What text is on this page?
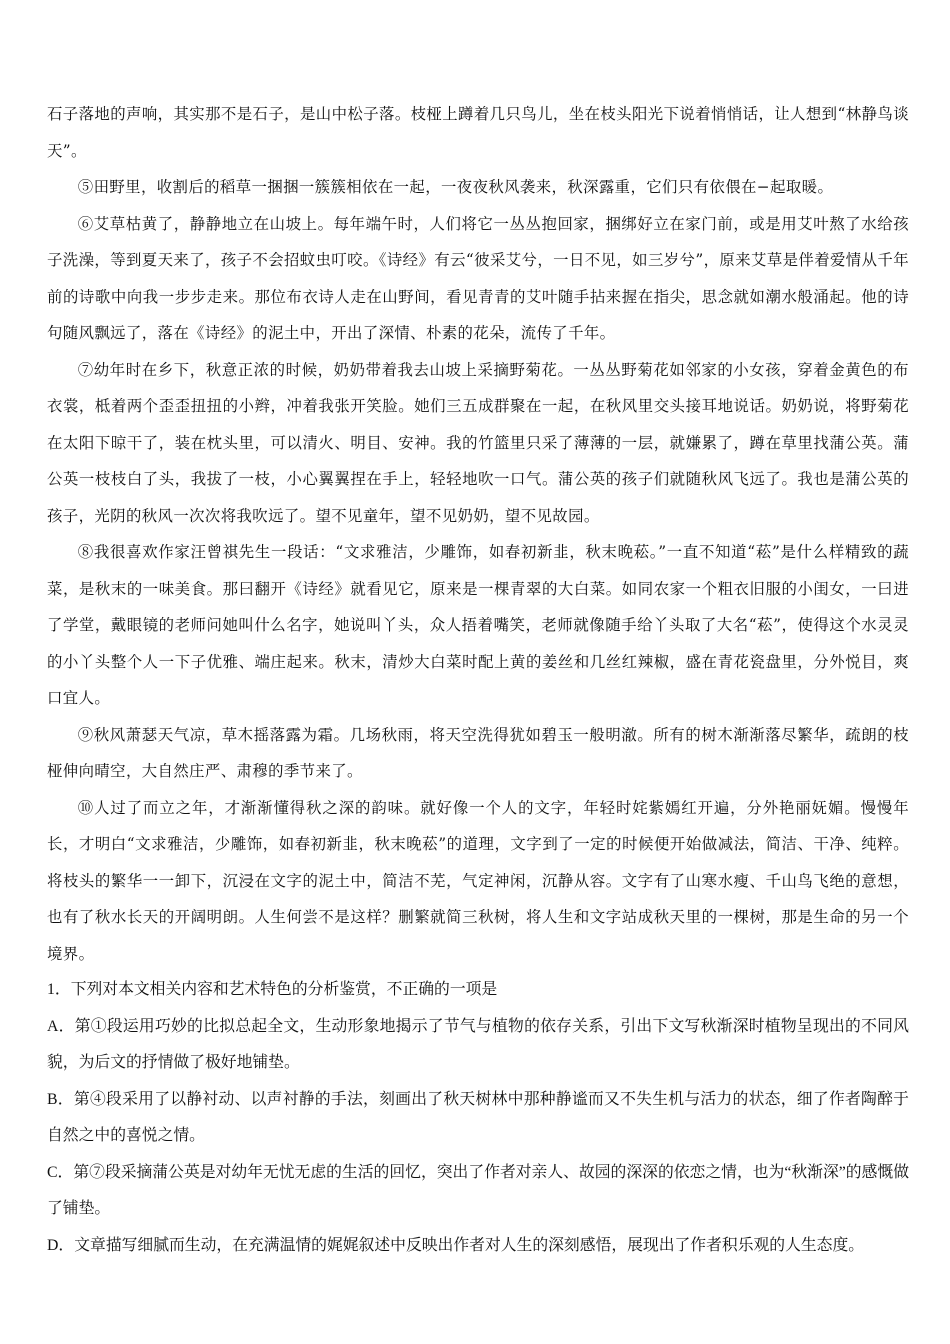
石子落地的声响，其实那不是石子，是山中松子落。枝桠上蹲着几只鸟儿，坐在枝头阳光下说着悄悄话，让人想到“林静鸟谈天”。

⑤田野里，收割后的稻草一捆捆一簇簇相依在一起，一夜夜秋风袭来，秋深露重，它们只有依偎在−起取暖。

⑥艾草枯黄了，静静地立在山坡上。每年端午时，人们将它一丛丛抱回家，捆绑好立在家门前，或是用艾叶熬了水给孩子洗澡，等到夏天来了，孩子不会招蚊虫叮咬。《诗经》有云“彼采艾兮，一日不见，如三岁兮”，原来艾草是伴着爱情从千年前的诗歌中向我一步步走来。那位布衣诗人走在山野间，看见青青的艾叶随手拈来握在指尖，思念就如潮水般涌起。他的诗句随风飘远了，落在《诗经》的泥土中，开出了深情、朴素的花朵，流传了千年。

⑦幼年时在乡下，秋意正浓的时候，奶奶带着我去山坡上采摘野菊花。一丛丛野菊花如邻家的小女孩，穿着金黄色的布衣裳，柢着两个歪歪扭扭的小辫，冲着我张开笑脸。她们三五成群聚在一起，在秋风里交头接耳地说话。奶奶说，将野菊花在太阳下晾干了，装在枕头里，可以清火、明目、安神。我的竹篮里只采了薄薄的一层，就嫌累了，蹲在草里找蒲公英。蒲公英一枝枝白了头，我拔了一枝，小心翼翼捏在手上，轻轻地吹一口气。蒲公英的孩子们就随秋风飞远了。我也是蒲公英的孩子，光阴的秋风一次次将我吹远了。望不见童年，望不见奶奶，望不见故园。

⑧我很喜欢作家汪曾祺先生一段话：“文求雅洁，少雕饰，如春初新韭，秋末晚菘。”一直不知道“菘”是什么样精致的蔬菜，是秋末的一味美食。那曰翻开《诗经》就看见它，原来是一棵青翠的大白菜。如同农家一个粗衣旧服的小闺女，一曰进了学堂，戴眼镜的老师问她叫什么名字，她说叫丫头，众人捂着嘴笑，老师就像随手给丫头取了大名“菘”，使得这个水灵灵的小丫头整个人一下子优雅、端庄起来。秋末，清炒大白菜时配上黄的姜丝和几丝红辣椒，盛在青花瓷盘里，分外悦目，爽口宜人。

⑨秋风萧瑟天气凉，草木摇落露为霜。几场秋雨，将天空洗得犹如碧玉一般明澈。所有的树木渐渐落尽繁华，疏朗的枝桠伸向晴空，大自然庄严、肃穆的季节来了。

⑩人过了而立之年，才渐渐懂得秋之深的韵味。就好像一个人的文字，年轻时姹紫嫣红开遍，分外艳丽妩媚。慢慢年长，才明白“文求雅洁，少雕饰，如春初新韭，秋末晚菘”的道理，文字到了一定的时候便开始做减法，简洁、干净、纯粹。将枝头的繁华一一卸下，沉浸在文字的泥土中，简洁不芜，气定神闲，沉静从容。文字有了山寒水瘦、千山鸟飞绝的意想，也有了秋水长天的开阔明朗。人生何尝不是这样？删繁就简三秋树，将人生和文字站成秋天里的一棵树，那是生命的另一个境界。

1．下列对本文相关内容和艺术特色的分析鉴赏，不正确的一项是

A．第①段运用巧妙的比拟总起全文，生动形象地揭示了节气与植物的依存关系，引出下文写秋渐深时植物呈现出的不同风貌，为后文的抒情做了极好地铺垫。

B．第④段采用了以静衬动、以声衬静的手法，刻画出了秋天树林中那种静谧而又不失生机与活力的状态，细了作者陶醉于自然之中的喜悦之情。

C．第⑦段采摘蒲公英是对幼年无忧无虑的生活的回忆，突出了作者对亲人、故园的深深的依恋之情，也为“秋渐深”的感慨做了铺垫。

D．文章描写细腻而生动，在充满温情的娓娓叙述中反映出作者对人生的深刻感悟，展现出了作者积乐观的人生态度。
